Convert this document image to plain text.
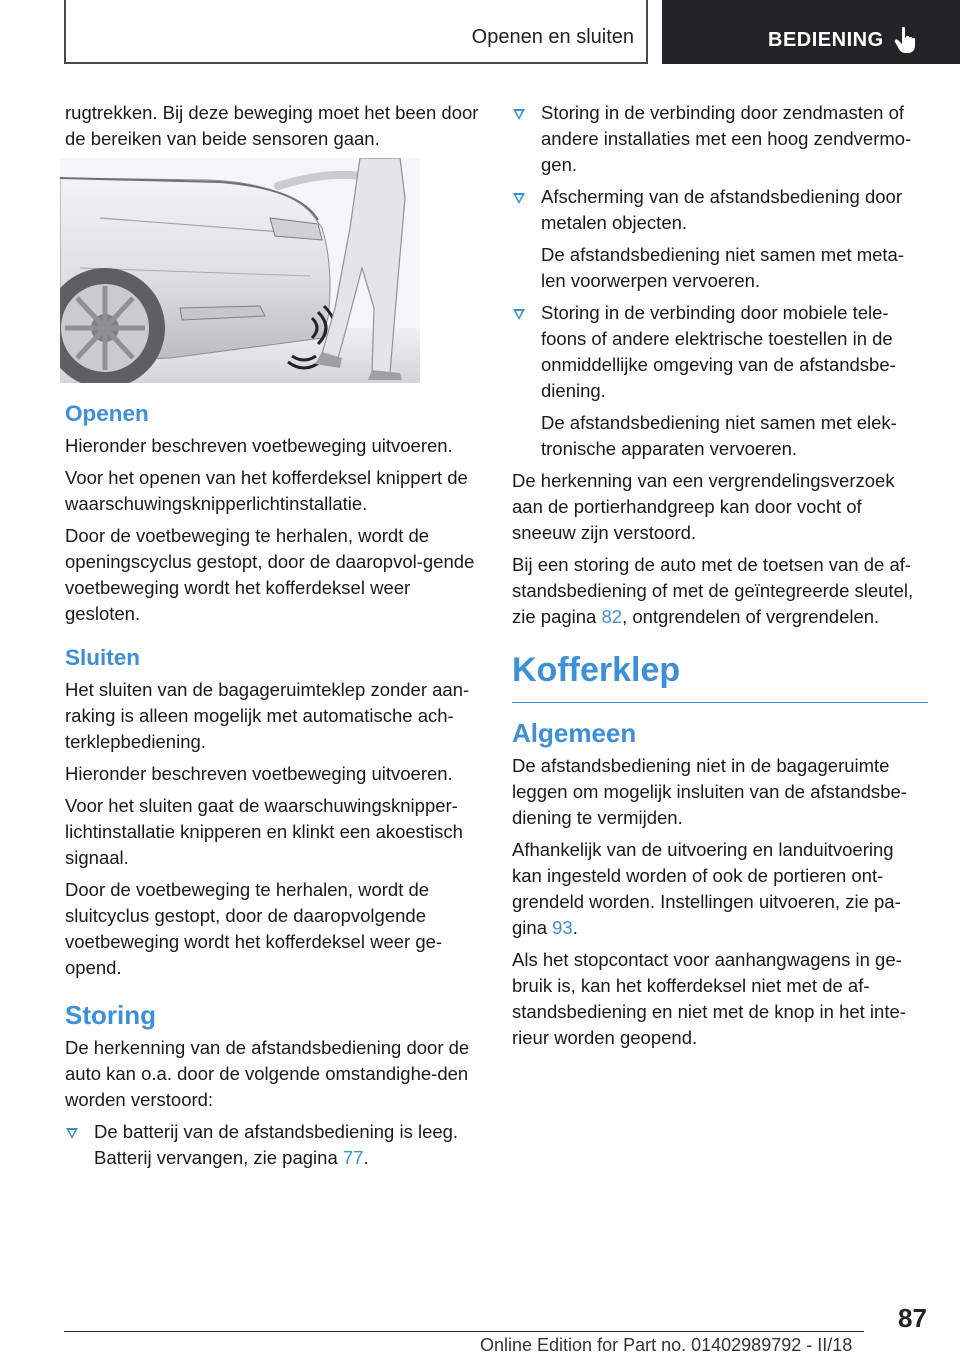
Openen en sluiten	BEDIENING

rugtrekken. Bij deze beweging moet het been door de bereiken van beide sensoren gaan.

Openen

Hieronder beschreven voetbeweging uitvoeren.

Voor het openen van het kofferdeksel knippert de waarschuwingsknipperlichtinstallatie.

Door de voetbeweging te herhalen, wordt de openingscyclus gestopt, door de daaropvol-gende voetbeweging wordt het kofferdeksel weer gesloten.

Sluiten

Het sluiten van de bagageruimteklep zonder aan-raking is alleen mogelijk met automatische ach-terklepbediening.

Hieronder beschreven voetbeweging uitvoeren.

Voor het sluiten gaat de waarschuwingsknipper-lichtinstallatie knipperen en klinkt een akoestisch signaal.

Door de voetbeweging te herhalen, wordt de sluitcyclus gestopt, door de daaropvolgende voetbeweging wordt het kofferdeksel weer ge-opend.

Storing

De herkenning van de afstandsbediening door de auto kan o.a. door de volgende omstandighe-den worden verstoord:

De batterij van de afstandsbediening is leeg. Batterij vervangen, zie pagina 77.

Storing in de verbinding door zendmasten of andere installaties met een hoog zendvermo-gen.

Afscherming van de afstandsbediening door metalen objecten.

De afstandsbediening niet samen met meta-len voorwerpen vervoeren.

Storing in de verbinding door mobiele tele-foons of andere elektrische toestellen in de onmiddellijke omgeving van de afstandsbe-diening.

De afstandsbediening niet samen met elek-tronische apparaten vervoeren.

De herkenning van een vergrendelingsverzoek aan de portierhandgreep kan door vocht of sneeuw zijn verstoord.

Bij een storing de auto met de toetsen van de af-standsbediening of met de geïntegreerde sleutel, zie pagina 82, ontgrendelen of vergrendelen.

Kofferklep
Algemeen

De afstandsbediening niet in de bagageruimte leggen om mogelijk insluiten van de afstandsbe-diening te vermijden.

Afhankelijk van de uitvoering en landuitvoering kan ingesteld worden of ook de portieren ont-grendeld worden. Instellingen uitvoeren, zie pa-gina 93.

Als het stopcontact voor aanhangwagens in ge-bruik is, kan het kofferdeksel niet met de af-standsbediening en niet met de knop in het inte-rieur worden geopend.

87
Online Edition for Part no. 01402989792 - II/18
